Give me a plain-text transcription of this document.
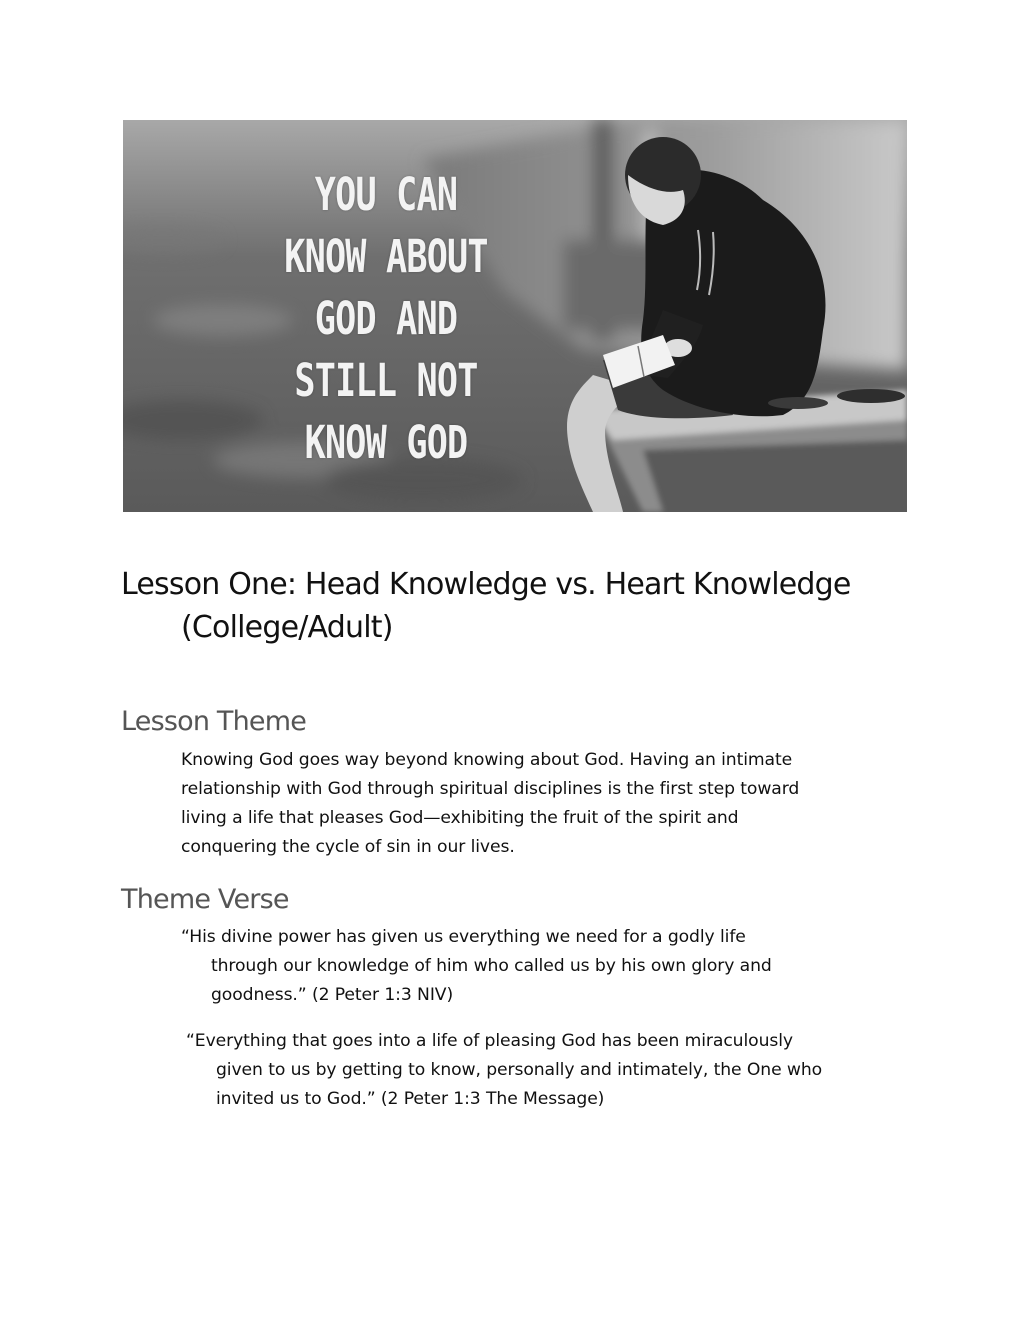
YOU CAN
KNOW ABOUT
GOD AND
STILL NOT
KNOW GOD
Lesson One: Head Knowledge vs. Heart Knowledge
(College/Adult)
Lesson Theme
Knowing God goes way beyond knowing about God. Having an intimate
relationship with God through spiritual disciplines is the first step toward
living a life that pleases God—exhibiting the fruit of the spirit and
conquering the cycle of sin in our lives.
Theme Verse
“His divine power has given us everything we need for a godly life
through our knowledge of him who called us by his own glory and
goodness.” (2 Peter 1:3 NIV)
“Everything that goes into a life of pleasing God has been miraculously
given to us by getting to know, personally and intimately, the One who
invited us to God.” (2 Peter 1:3 The Message)
